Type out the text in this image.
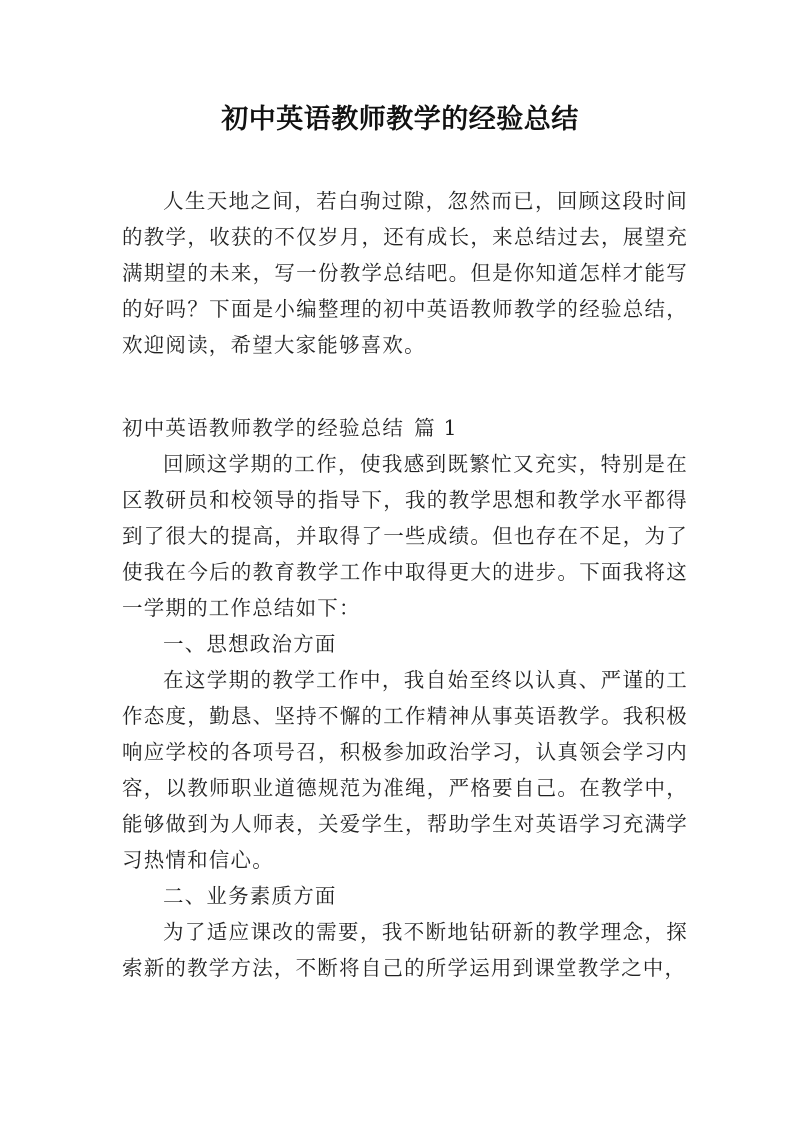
初中英语教师教学的经验总结

人生天地之间，若白驹过隙，忽然而已，回顾这段时间的教学，收获的不仅岁月，还有成长，来总结过去，展望充满期望的未来，写一份教学总结吧。但是你知道怎样才能写的好吗？下面是小编整理的初中英语教师教学的经验总结，欢迎阅读，希望大家能够喜欢。

初中英语教师教学的经验总结 篇 1

回顾这学期的工作，使我感到既繁忙又充实，特别是在区教研员和校领导的指导下，我的教学思想和教学水平都得到了很大的提高，并取得了一些成绩。但也存在不足，为了使我在今后的教育教学工作中取得更大的进步。下面我将这一学期的工作总结如下：

一、思想政治方面

在这学期的教学工作中，我自始至终以认真、严谨的工作态度，勤恳、坚持不懈的工作精神从事英语教学。我积极响应学校的各项号召，积极参加政治学习，认真领会学习内容，以教师职业道德规范为准绳，严格要自己。在教学中，能够做到为人师表，关爱学生，帮助学生对英语学习充满学习热情和信心。

二、业务素质方面

为了适应课改的需要，我不断地钻研新的教学理念，探索新的教学方法，不断将自己的所学运用到课堂教学之中，
